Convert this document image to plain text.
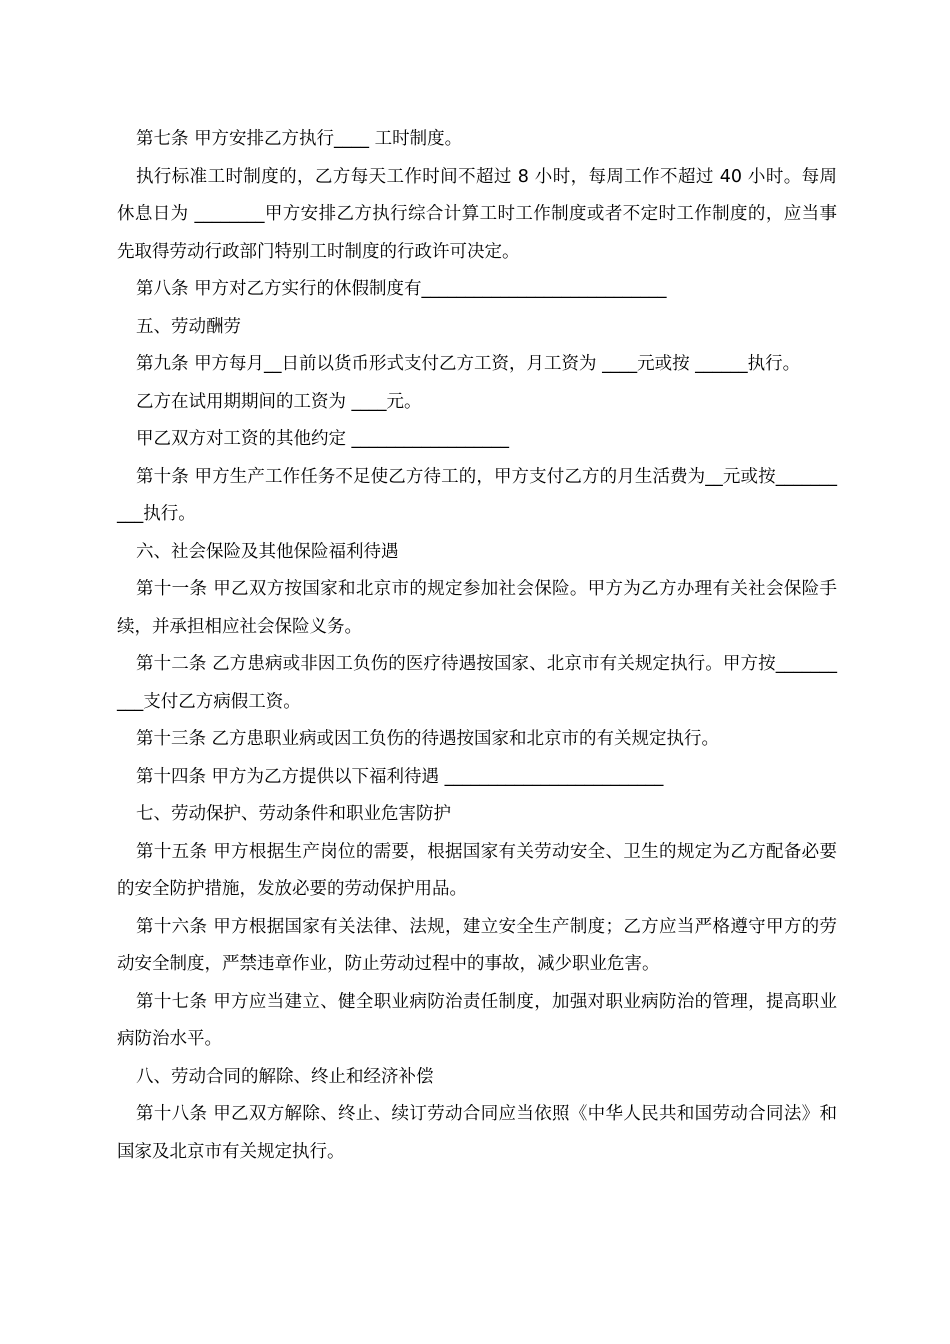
第七条 甲方安排乙方执行____ 工时制度。

执行标准工时制度的，乙方每天工作时间不超过 8 小时，每周工作不超过 40 小时。每周休息日为 ________甲方安排乙方执行综合计算工时工作制度或者不定时工作制度的，应当事先取得劳动行政部门特别工时制度的行政许可决定。

第八条 甲方对乙方实行的休假制度有____________________________

五、劳动酬劳

第九条 甲方每月__日前以货币形式支付乙方工资，月工资为 ____元或按 ______执行。

乙方在试用期期间的工资为 ____元。

甲乙双方对工资的其他约定 __________________

第十条 甲方生产工作任务不足使乙方待工的，甲方支付乙方的月生活费为__元或按__________执行。

六、社会保险及其他保险福利待遇

第十一条 甲乙双方按国家和北京市的规定参加社会保险。甲方为乙方办理有关社会保险手续，并承担相应社会保险义务。

第十二条 乙方患病或非因工负伤的医疗待遇按国家、北京市有关规定执行。甲方按__________支付乙方病假工资。

第十三条 乙方患职业病或因工负伤的待遇按国家和北京市的有关规定执行。

第十四条 甲方为乙方提供以下福利待遇 _________________________

七、劳动保护、劳动条件和职业危害防护

第十五条 甲方根据生产岗位的需要，根据国家有关劳动安全、卫生的规定为乙方配备必要的安全防护措施，发放必要的劳动保护用品。

第十六条 甲方根据国家有关法律、法规，建立安全生产制度；乙方应当严格遵守甲方的劳动安全制度，严禁违章作业，防止劳动过程中的事故，减少职业危害。

第十七条 甲方应当建立、健全职业病防治责任制度，加强对职业病防治的管理，提高职业病防治水平。

八、劳动合同的解除、终止和经济补偿

第十八条 甲乙双方解除、终止、续订劳动合同应当依照《中华人民共和国劳动合同法》和国家及北京市有关规定执行。
